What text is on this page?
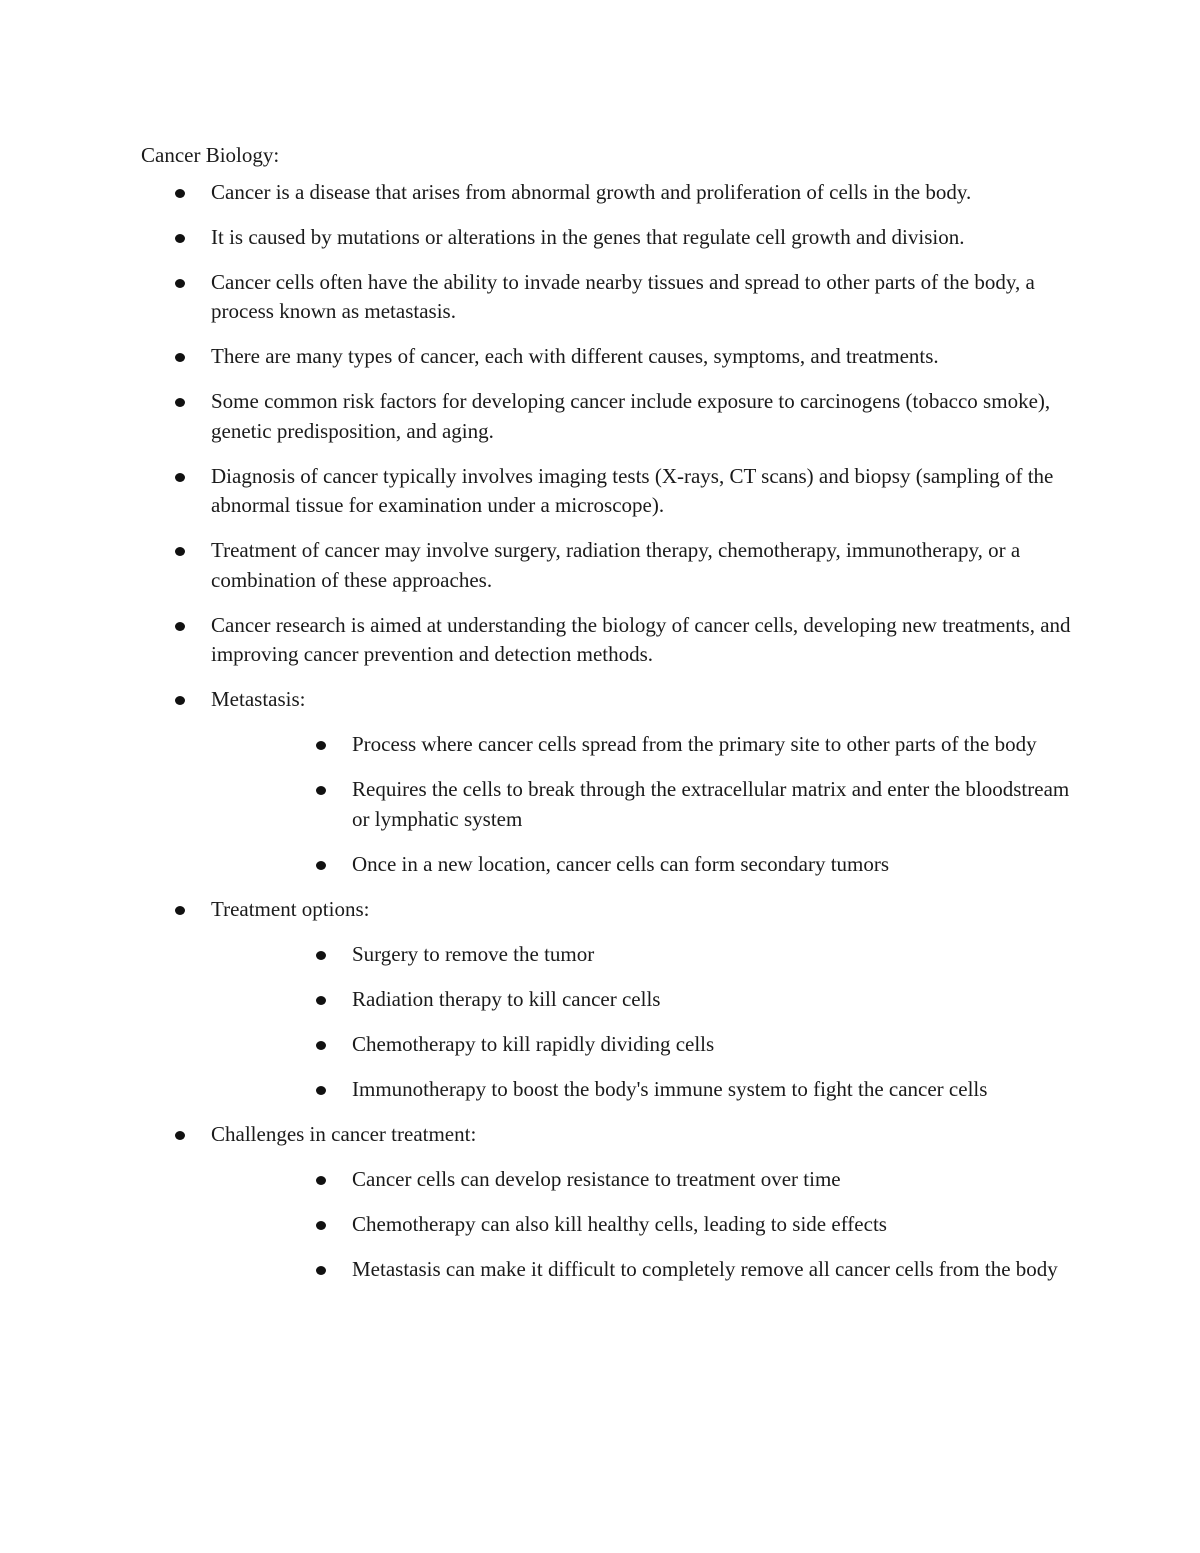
Cancer Biology:
Cancer is a disease that arises from abnormal growth and proliferation of cells in the body.
It is caused by mutations or alterations in the genes that regulate cell growth and division.
Cancer cells often have the ability to invade nearby tissues and spread to other parts of the body, a process known as metastasis.
There are many types of cancer, each with different causes, symptoms, and treatments.
Some common risk factors for developing cancer include exposure to carcinogens (tobacco smoke), genetic predisposition, and aging.
Diagnosis of cancer typically involves imaging tests (X-rays, CT scans) and biopsy (sampling of the abnormal tissue for examination under a microscope).
Treatment of cancer may involve surgery, radiation therapy, chemotherapy, immunotherapy, or a combination of these approaches.
Cancer research is aimed at understanding the biology of cancer cells, developing new treatments, and improving cancer prevention and detection methods.
Metastasis:
Process where cancer cells spread from the primary site to other parts of the body
Requires the cells to break through the extracellular matrix and enter the bloodstream or lymphatic system
Once in a new location, cancer cells can form secondary tumors
Treatment options:
Surgery to remove the tumor
Radiation therapy to kill cancer cells
Chemotherapy to kill rapidly dividing cells
Immunotherapy to boost the body's immune system to fight the cancer cells
Challenges in cancer treatment:
Cancer cells can develop resistance to treatment over time
Chemotherapy can also kill healthy cells, leading to side effects
Metastasis can make it difficult to completely remove all cancer cells from the body
